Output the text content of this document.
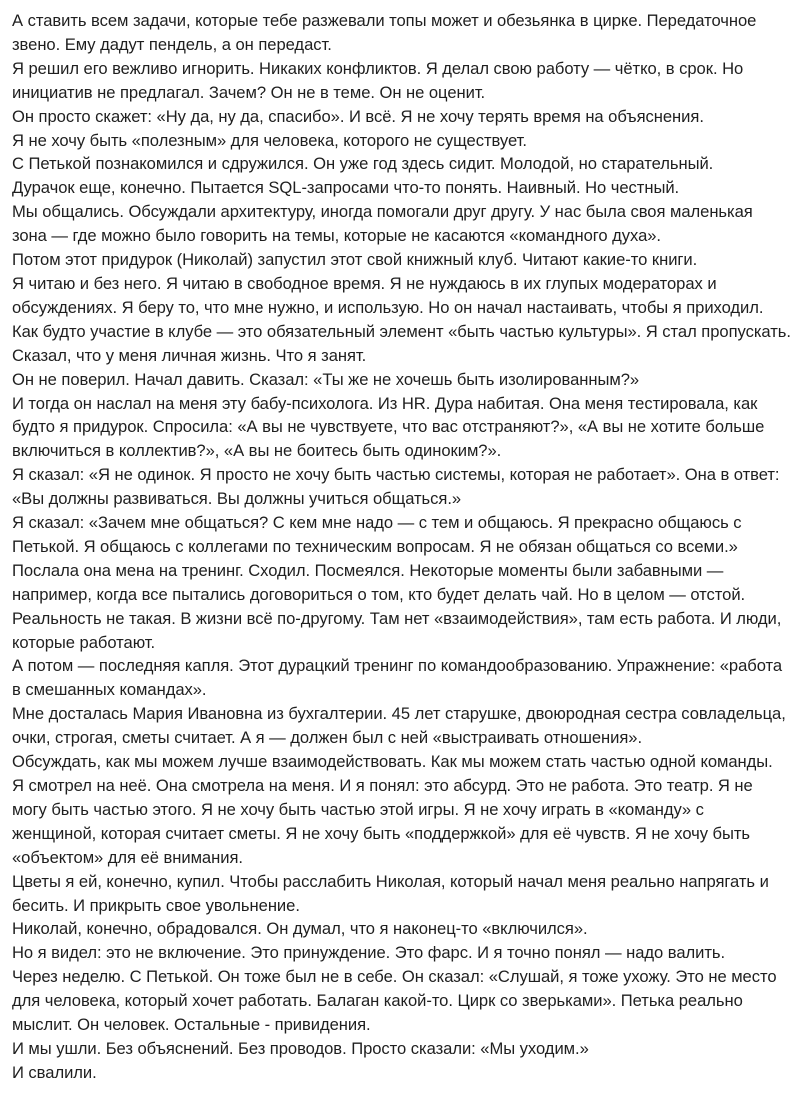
А ставить всем задачи, которые тебе разжевали топы может и обезьянка в цирке. Передаточное звено. Ему дадут пендель, а он передаст.

Я решил его вежливо игнорить. Никаких конфликтов. Я делал свою работу — чётко, в срок. Но инициатив не предлагал. Зачем? Он не в теме. Он не оценит.

Он просто скажет: «Ну да, ну да, спасибо». И всё. Я не хочу терять время на объяснения.

Я не хочу быть «полезным» для человека, которого не существует.

С Петькой познакомился и сдружился. Он уже год здесь сидит. Молодой, но старательный.

Дурачок еще, конечно. Пытается SQL-запросами что-то понять. Наивный. Но честный.

Мы общались. Обсуждали архитектуру, иногда помогали друг другу. У нас была своя маленькая зона — где можно было говорить на темы, которые не касаются «командного духа».

Потом этот придурок (Николай) запустил этот свой книжный клуб. Читают какие-то книги.

Я читаю и без него. Я читаю в свободное время. Я не нуждаюсь в их глупых модераторах и обсуждениях. Я беру то, что мне нужно, и использую. Но он начал настаивать, чтобы я приходил.

Как будто участие в клубе — это обязательный элемент «быть частью культуры». Я стал пропускать. Сказал, что у меня личная жизнь. Что я занят.

Он не поверил. Начал давить. Сказал: «Ты же не хочешь быть изолированным?»

И тогда он наслал на меня эту бабу-психолога. Из HR. Дура набитая. Она меня тестировала, как будто я придурок. Спросила: «А вы не чувствуете, что вас отстраняют?», «А вы не хотите больше включиться в коллектив?», «А вы не боитесь быть одиноким?».

Я сказал: «Я не одинок. Я просто не хочу быть частью системы, которая не работает». Она в ответ: «Вы должны развиваться. Вы должны учиться общаться.»

Я сказал: «Зачем мне общаться? С кем мне надо — с тем и общаюсь. Я прекрасно общаюсь с Петькой. Я общаюсь с коллегами по техническим вопросам. Я не обязан общаться со всеми.»

Послала она мена на тренинг. Сходил. Посмеялся. Некоторые моменты были забавными — например, когда все пытались договориться о том, кто будет делать чай. Но в целом — отстой.

Реальность не такая. В жизни всё по-другому. Там нет «взаимодействия», там есть работа. И люди, которые работают.

А потом — последняя капля. Этот дурацкий тренинг по командообразованию. Упражнение: «работа в смешанных командах».

Мне досталась Мария Ивановна из бухгалтерии. 45 лет старушке, двоюродная сестра совладельца, очки, строгая, сметы считает. А я — должен был с ней «выстраивать отношения».

Обсуждать, как мы можем лучше взаимодействовать. Как мы можем стать частью одной команды.

Я смотрел на неё. Она смотрела на меня. И я понял: это абсурд. Это не работа. Это театр. Я не могу быть частью этого. Я не хочу быть частью этой игры. Я не хочу играть в «команду» с женщиной, которая считает сметы. Я не хочу быть «поддержкой» для её чувств. Я не хочу быть «объектом» для её внимания.

Цветы я ей, конечно, купил. Чтобы расслабить Николая, который начал меня реально напрягать и бесить. И прикрыть свое увольнение.

Николай, конечно, обрадовался. Он думал, что я наконец-то «включился».

Но я видел: это не включение. Это принуждение. Это фарс. И я точно понял — надо валить.

Через неделю. С Петькой. Он тоже был не в себе. Он сказал: «Слушай, я тоже ухожу. Это не место для человека, который хочет работать. Балаган какой-то. Цирк со зверьками». Петька реально мыслит. Он человек. Остальные - привидения.

И мы ушли. Без объяснений. Без проводов. Просто сказали: «Мы уходим.»

И свалили.
